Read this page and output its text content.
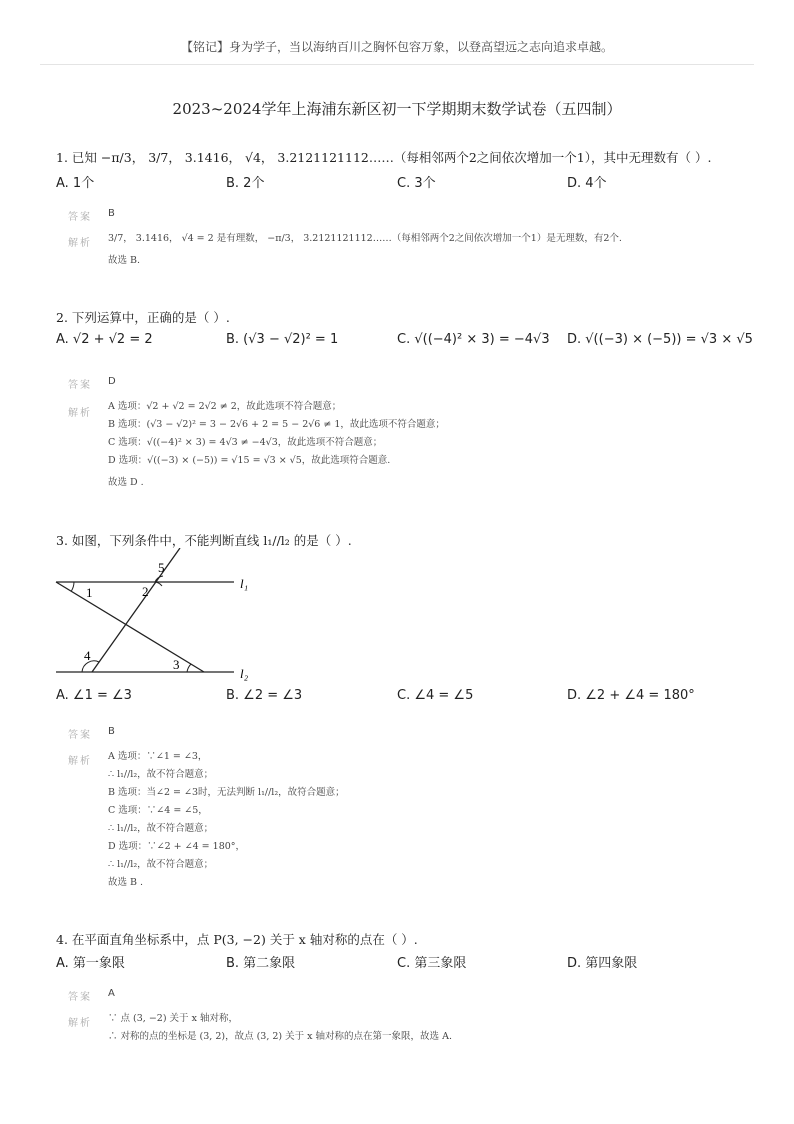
【铭记】身为学子，当以海纳百川之胸怀包容万象，以登高望远之志向追求卓越。
2023~2024学年上海浦东新区初一下学期期末数学试卷（五四制）
1. 已知 −π/3， 3/7， 3.1416， √4， 3.2121121112……（每相邻两个2之间依次增加一个1），其中无理数有（ ）.
A. 1个	B. 2个	C. 3个	D. 4个
答案 B
解析 3/7， 3.1416， √4 = 2 是有理数， −π/3， 3.2121121112……（每相邻两个2之间依次增加一个1）是无理数，有2个.
故选 B.
2. 下列运算中，正确的是（ ）.
A. √2 + √2 = 2	B. (√3 − √2)² = 1	C. √((−4)² × 3) = −4√3 D. √((−3) × (−5)) = √3 × √5
答案 D
解析
A 选项：√2 + √2 = 2√2 ≠ 2，故此选项不符合题意；
B 选项：(√3 − √2)² = 3 − 2√6 + 2 = 5 − 2√6 ≠ 1，故此选项不符合题意；
C 选项：√((−4)² × 3) = 4√3 ≠ −4√3，故此选项不符合题意；
D 选项：√((−3) × (−5)) = √15 = √3 × √5，故此选项符合题意.
故选 D .
3. 如图，下列条件中，不能判断直线 l₁//l₂ 的是（ ）.
1	2
3
4
5
l₁
l₂
A. ∠1 = ∠3	B. ∠2 = ∠3	C. ∠4 = ∠5	D. ∠2 + ∠4 = 180°
答案 B
解析 A 选项：∵∠1 = ∠3，
∴ l₁//l₂，故不符合题意；
B 选项：当∠2 = ∠3时，无法判断 l₁//l₂，故符合题意；
C 选项：∵∠4 = ∠5，
∴ l₁//l₂，故不符合题意；
D 选项：∵∠2 + ∠4 = 180°，
∴ l₁//l₂，故不符合题意；
故选 B .
4. 在平面直角坐标系中，点 P(3, −2) 关于 x 轴对称的点在（ ）.
A. 第一象限	B. 第二象限	C. 第三象限	D. 第四象限
答案 A
解析 ∵ 点 (3, −2) 关于 x 轴对称，
∴ 对称的点的坐标是 (3, 2)，故点 (3, 2) 关于 x 轴对称的点在第一象限，故选 A.
